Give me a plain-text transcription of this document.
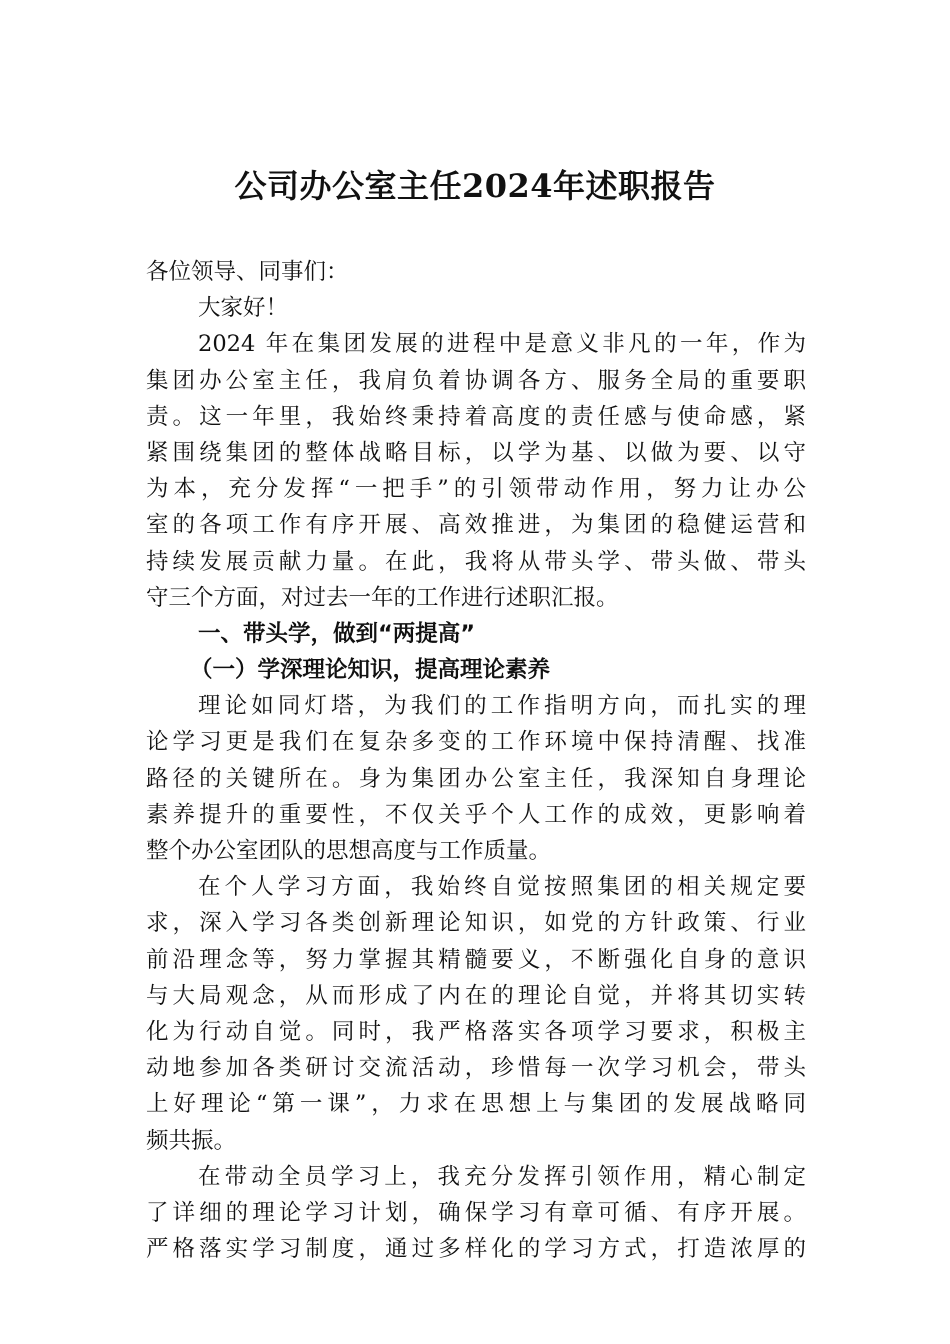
公司办公室主任2024年述职报告
各位领导、同事们：
大家好！
2024 年在集团发展的进程中是意义非凡的一年，作为
集团办公室主任，我肩负着协调各方、服务全局的重要职
责。这一年里，我始终秉持着高度的责任感与使命感，紧
紧围绕集团的整体战略目标，以学为基、以做为要、以守
为本，充分发挥“一把手”的引领带动作用，努力让办公
室的各项工作有序开展、高效推进，为集团的稳健运营和
持续发展贡献力量。在此，我将从带头学、带头做、带头
守三个方面，对过去一年的工作进行述职汇报。
一、带头学，做到“两提高”
（一）学深理论知识，提高理论素养
理论如同灯塔，为我们的工作指明方向，而扎实的理
论学习更是我们在复杂多变的工作环境中保持清醒、找准
路径的关键所在。身为集团办公室主任，我深知自身理论
素养提升的重要性，不仅关乎个人工作的成效，更影响着
整个办公室团队的思想高度与工作质量。
在个人学习方面，我始终自觉按照集团的相关规定要
求，深入学习各类创新理论知识，如党的方针政策、行业
前沿理念等，努力掌握其精髓要义，不断强化自身的意识
与大局观念，从而形成了内在的理论自觉，并将其切实转
化为行动自觉。同时，我严格落实各项学习要求，积极主
动地参加各类研讨交流活动，珍惜每一次学习机会，带头
上好理论“第一课”，力求在思想上与集团的发展战略同
频共振。
在带动全员学习上，我充分发挥引领作用，精心制定
了详细的理论学习计划，确保学习有章可循、有序开展。
严格落实学习制度，通过多样化的学习方式，打造浓厚的
